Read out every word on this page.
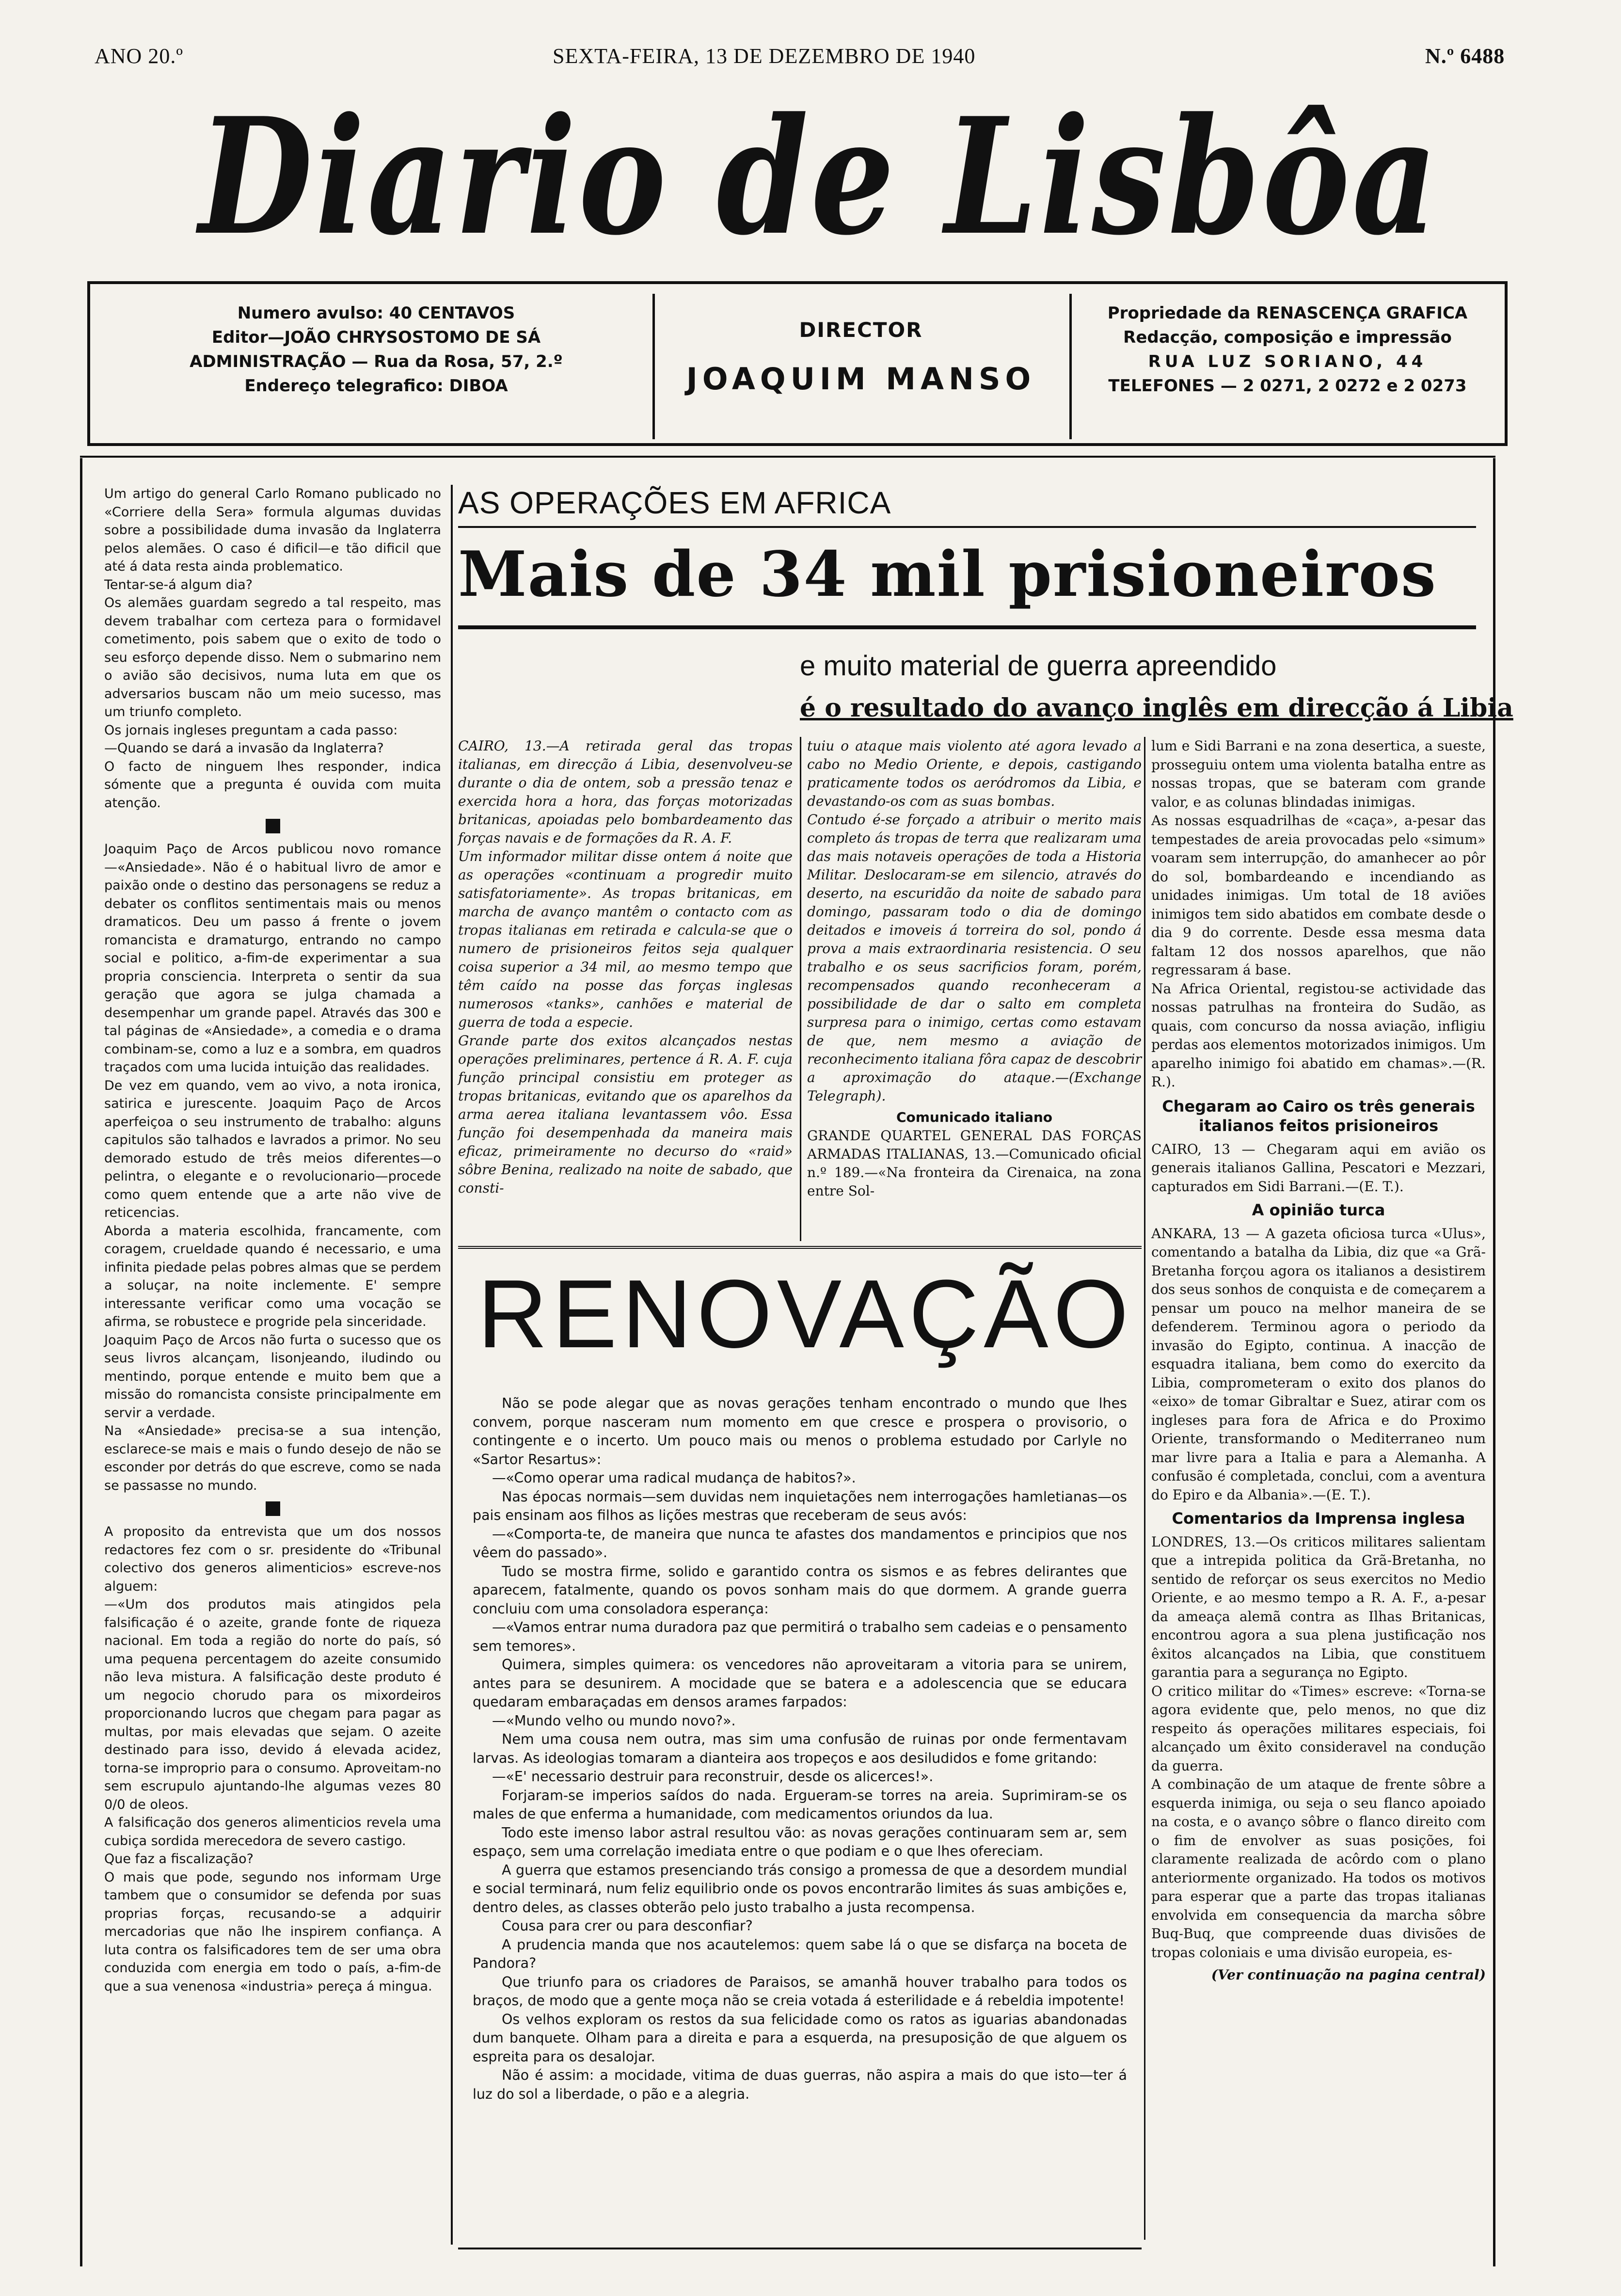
ANO 20.º	SEXTA-FEIRA, 13 DE DEZEMBRO DE 1940	N.º 6488
Diario de Lisbôa
Numero avulso: 40 CENTAVOS
Editor—JOÃO CHRYSOSTOMO DE SÁ
ADMINISTRAÇÃO — Rua da Rosa, 57, 2.º
Endereço telegrafico: DIBOA
DIRECTOR
JOAQUIM MANSO
Propriedade da RENASCENÇA GRAFICA
Redacção, composição e impressão
RUA LUZ SORIANO, 44
TELEFONES — 2 0271, 2 0272 e 2 0273

Um artigo do general Carlo Romano publicado no «Corriere della Sera» formula algumas duvidas sobre a possibilidade duma invasão da Inglaterra pelos alemães. O caso é dificil—e tão dificil que até á data resta ainda problematico.

Tentar-se-á algum dia?

Os alemães guardam segredo a tal respeito, mas devem trabalhar com certeza para o formidavel cometimento, pois sabem que o exito de todo o seu esforço depende disso. Nem o submarino nem o avião são decisivos, numa luta em que os adversarios buscam não um meio sucesso, mas um triunfo completo.

Os jornais ingleses preguntam a cada passo:

—Quando se dará a invasão da Inglaterra?

O facto de ninguem lhes responder, indica sómente que a pregunta é ouvida com muita atenção.

Joaquim Paço de Arcos publicou novo romance—«Ansiedade». Não é o habitual livro de amor e paixão onde o destino das personagens se reduz a debater os conflitos sentimentais mais ou menos dramaticos. Deu um passo á frente o jovem romancista e dramaturgo, entrando no campo social e politico, a-fim-de experimentar a sua propria consciencia. Interpreta o sentir da sua geração que agora se julga chamada a desempenhar um grande papel. Através das 300 e tal páginas de «Ansiedade», a comedia e o drama combinam-se, como a luz e a sombra, em quadros traçados com uma lucida intuição das realidades.

De vez em quando, vem ao vivo, a nota ironica, satirica e jurescente. Joaquim Paço de Arcos aperfeiçoa o seu instrumento de trabalho: alguns capitulos são talhados e lavrados a primor. No seu demorado estudo de três meios diferentes—o pelintra, o elegante e o revolucionario—procede como quem entende que a arte não vive de reticencias.

Aborda a materia escolhida, francamente, com coragem, crueldade quando é necessario, e uma infinita piedade pelas pobres almas que se perdem a soluçar, na noite inclemente. E' sempre interessante verificar como uma vocação se afirma, se robustece e progride pela sinceridade.

Joaquim Paço de Arcos não furta o sucesso que os seus livros alcançam, lisonjeando, iludindo ou mentindo, porque entende e muito bem que a missão do romancista consiste principalmente em servir a verdade.

Na «Ansiedade» precisa-se a sua intenção, esclarece-se mais e mais o fundo desejo de não se esconder por detrás do que escreve, como se nada se passasse no mundo.

A proposito da entrevista que um dos nossos redactores fez com o sr. presidente do «Tribunal colectivo dos generos alimenticios» escreve-nos alguem:

—«Um dos produtos mais atingidos pela falsificação é o azeite, grande fonte de riqueza nacional. Em toda a região do norte do país, só uma pequena percentagem do azeite consumido não leva mistura. A falsificação deste produto é um negocio chorudo para os mixordeiros proporcionando lucros que chegam para pagar as multas, por mais elevadas que sejam. O azeite destinado para isso, devido á elevada acidez, torna-se improprio para o consumo. Aproveitam-no sem escrupulo ajuntando-lhe algumas vezes 80 0/0 de oleos.

A falsificação dos generos alimenticios revela uma cubiça sordida merecedora de severo castigo.

Que faz a fiscalização?

O mais que pode, segundo nos informam Urge tambem que o consumidor se defenda por suas proprias forças, recusando-se a adquirir mercadorias que não lhe inspirem confiança. A luta contra os falsificadores tem de ser uma obra conduzida com energia em todo o país, a-fim-de que a sua venenosa «industria» pereça á mingua.

AS OPERAÇÕES EM AFRICA
Mais de 34 mil prisioneiros
e muito material de guerra apreendido
é o resultado do avanço inglês em direcção á Libia

CAIRO, 13.—A retirada geral das tropas italianas, em direcção á Libia, desenvolveu-se durante o dia de ontem, sob a pressão tenaz e exercida hora a hora, das forças motorizadas britanicas, apoiadas pelo bombardeamento das forças navais e de formações da R. A. F.

Um informador militar disse ontem á noite que as operações «continuam a progredir muito satisfatoriamente». As tropas britanicas, em marcha de avanço mantêm o contacto com as tropas italianas em retirada e calcula-se que o numero de prisioneiros feitos seja qualquer coisa superior a 34 mil, ao mesmo tempo que têm caído na posse das forças inglesas numerosos «tanks», canhões e material de guerra de toda a especie.

Grande parte dos exitos alcançados nestas operações preliminares, pertence á R. A. F. cuja função principal consistiu em proteger as tropas britanicas, evitando que os aparelhos da arma aerea italiana levantassem vôo. Essa função foi desempenhada da maneira mais eficaz, primeiramente no decurso do «raid» sôbre Benina, realizado na noite de sabado, que consti-

tuiu o ataque mais violento até agora levado a cabo no Medio Oriente, e depois, castigando praticamente todos os aeródromos da Libia, e devastando-os com as suas bombas.

Contudo é-se forçado a atribuir o merito mais completo ás tropas de terra que realizaram uma das mais notaveis operações de toda a Historia Militar. Deslocaram-se em silencio, através do deserto, na escuridão da noite de sabado para domingo, passaram todo o dia de domingo deitados e imoveis á torreira do sol, pondo á prova a mais extraordinaria resistencia. O seu trabalho e os seus sacrificios foram, porém, recompensados quando reconheceram a possibilidade de dar o salto em completa surpresa para o inimigo, certas como estavam de que, nem mesmo a aviação de reconhecimento italiana fôra capaz de descobrir a aproximação do ataque.—(Exchange Telegraph).

Comunicado italiano

GRANDE QUARTEL GENERAL DAS FORÇAS ARMADAS ITALIANAS, 13.—Comunicado oficial n.º 189.—«Na fronteira da Cirenaica, na zona entre Sol-

lum e Sidi Barrani e na zona desertica, a sueste, prosseguiu ontem uma violenta batalha entre as nossas tropas, que se bateram com grande valor, e as colunas blindadas inimigas.

As nossas esquadrilhas de «caça», a-pesar das tempestades de areia provocadas pelo «simum» voaram sem interrupção, do amanhecer ao pôr do sol, bombardeando e incendiando as unidades inimigas. Um total de 18 aviões inimigos tem sido abatidos em combate desde o dia 9 do corrente. Desde essa mesma data faltam 12 dos nossos aparelhos, que não regressaram á base.

Na Africa Oriental, registou-se actividade das nossas patrulhas na fronteira do Sudão, as quais, com concurso da nossa aviação, infligiu perdas aos elementos motorizados inimigos. Um aparelho inimigo foi abatido em chamas».—(R. R.).

Chegaram ao Cairo os três generais italianos feitos prisioneiros

CAIRO, 13 — Chegaram aqui em avião os generais italianos Gallina, Pescatori e Mezzari, capturados em Sidi Barrani.—(E. T.).

A opinião turca

ANKARA, 13 — A gazeta oficiosa turca «Ulus», comentando a batalha da Libia, diz que «a Grã-Bretanha forçou agora os italianos a desistirem dos seus sonhos de conquista e de começarem a pensar um pouco na melhor maneira de se defenderem. Terminou agora o periodo da invasão do Egipto, continua. A inacção de esquadra italiana, bem como do exercito da Libia, comprometeram o exito dos planos do «eixo» de tomar Gibraltar e Suez, atirar com os ingleses para fora de Africa e do Proximo Oriente, transformando o Mediterraneo num mar livre para a Italia e para a Alemanha. A confusão é completada, conclui, com a aventura do Epiro e da Albania».—(E. T.).

Comentarios da Imprensa inglesa

LONDRES, 13.—Os criticos militares salientam que a intrepida politica da Grã-Bretanha, no sentido de reforçar os seus exercitos no Medio Oriente, e ao mesmo tempo a R. A. F., a-pesar da ameaça alemã contra as Ilhas Britanicas, encontrou agora a sua plena justificação nos êxitos alcançados na Libia, que constituem garantia para a segurança no Egipto.

O critico militar do «Times» escreve: «Torna-se agora evidente que, pelo menos, no que diz respeito ás operações militares especiais, foi alcançado um êxito consideravel na condução da guerra.

A combinação de um ataque de frente sôbre a esquerda inimiga, ou seja o seu flanco apoiado na costa, e o avanço sôbre o flanco direito com o fim de envolver as suas posições, foi claramente realizada de acôrdo com o plano anteriormente organizado. Ha todos os motivos para esperar que a parte das tropas italianas envolvida em consequencia da marcha sôbre Buq-Buq, que compreende duas divisões de tropas coloniais e uma divisão europeia, es-

(Ver continuação na pagina central)

RENOVAÇÃO

Não se pode alegar que as novas gerações tenham encontrado o mundo que lhes convem, porque nasceram num momento em que cresce e prospera o provisorio, o contingente e o incerto. Um pouco mais ou menos o problema estudado por Carlyle no «Sartor Resartus»:

—«Como operar uma radical mudança de habitos?».

Nas épocas normais—sem duvidas nem inquietações nem interrogações hamletianas—os pais ensinam aos filhos as lições mestras que receberam de seus avós:

—«Comporta-te, de maneira que nunca te afastes dos mandamentos e principios que nos vêem do passado».

Tudo se mostra firme, solido e garantido contra os sismos e as febres delirantes que aparecem, fatalmente, quando os povos sonham mais do que dormem. A grande guerra concluiu com uma consoladora esperança:

—«Vamos entrar numa duradora paz que permitirá o trabalho sem cadeias e o pensamento sem temores».

Quimera, simples quimera: os vencedores não aproveitaram a vitoria para se unirem, antes para se desunirem. A mocidade que se batera e a adolescencia que se educara quedaram embaraçadas em densos arames farpados:

—«Mundo velho ou mundo novo?».

Nem uma cousa nem outra, mas sim uma confusão de ruinas por onde fermentavam larvas. As ideologias tomaram a dianteira aos tropeços e aos desiludidos e fome gritando:

—«E' necessario destruir para reconstruir, desde os alicerces!».

Forjaram-se imperios saídos do nada. Ergueram-se torres na areia. Suprimiram-se os males de que enferma a humanidade, com medicamentos oriundos da lua.

Todo este imenso labor astral resultou vão: as novas gerações continuaram sem ar, sem espaço, sem uma correlação imediata entre o que podiam e o que lhes ofereciam.

A guerra que estamos presenciando trás consigo a promessa de que a desordem mundial e social terminará, num feliz equilibrio onde os povos encontrarão limites ás suas ambições e, dentro deles, as classes obterão pelo justo trabalho a justa recompensa.

Cousa para crer ou para desconfiar?

A prudencia manda que nos acautelemos: quem sabe lá o que se disfarça na boceta de Pandora?

Que triunfo para os criadores de Paraisos, se amanhã houver trabalho para todos os braços, de modo que a gente moça não se creia votada á esterilidade e á rebeldia impotente!

Os velhos exploram os restos da sua felicidade como os ratos as iguarias abandonadas dum banquete. Olham para a direita e para a esquerda, na presuposição de que alguem os espreita para os desalojar.

Não é assim: a mocidade, vitima de duas guerras, não aspira a mais do que isto—ter á luz do sol a liberdade, o pão e a alegria.
